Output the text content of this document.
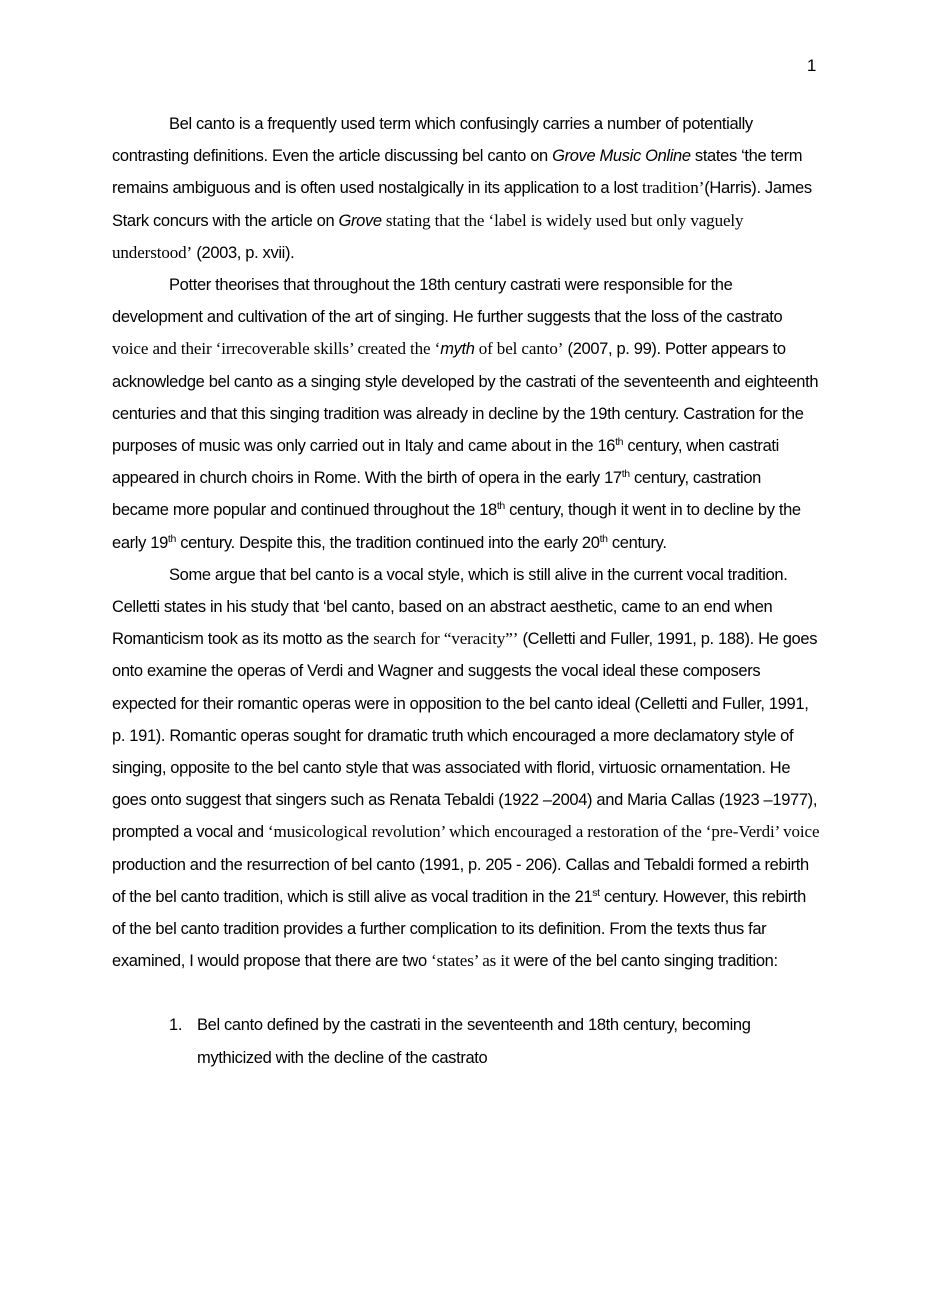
1

Bel canto is a frequently used term which confusingly carries a number of potentially contrasting definitions. Even the article discussing bel canto on Grove Music Online states ‘the term remains ambiguous and is often used nostalgically in its application to a lost tradition’(Harris). James Stark concurs with the article on Grove stating that the ‘label is widely used but only vaguely understood’ (2003, p. xvii).

Potter theorises that throughout the 18th century castrati were responsible for the development and cultivation of the art of singing. He further suggests that the loss of the castrato voice and their ‘irrecoverable skills’ created the ‘myth of bel canto’ (2007, p. 99). Potter appears to acknowledge bel canto as a singing style developed by the castrati of the seventeenth and eighteenth centuries and that this singing tradition was already in decline by the 19th century. Castration for the purposes of music was only carried out in Italy and came about in the 16th century, when castrati appeared in church choirs in Rome. With the birth of opera in the early 17th century, castration became more popular and continued throughout the 18th century, though it went in to decline by the early 19th century. Despite this, the tradition continued into the early 20th century.

Some argue that bel canto is a vocal style, which is still alive in the current vocal tradition. Celletti states in his study that ‘bel canto, based on an abstract aesthetic, came to an end when Romanticism took as its motto as the search for “veracity”’ (Celletti and Fuller, 1991, p. 188). He goes onto examine the operas of Verdi and Wagner and suggests the vocal ideal these composers expected for their romantic operas were in opposition to the bel canto ideal (Celletti and Fuller, 1991, p. 191). Romantic operas sought for dramatic truth which encouraged a more declamatory style of singing, opposite to the bel canto style that was associated with florid, virtuosic ornamentation. He goes onto suggest that singers such as Renata Tebaldi (1922 –2004) and Maria Callas (1923 –1977), prompted a vocal and ‘musicological revolution’ which encouraged a restoration of the ‘pre-Verdi’ voice production and the resurrection of bel canto (1991, p. 205 - 206). Callas and Tebaldi formed a rebirth of the bel canto tradition, which is still alive as vocal tradition in the 21st century. However, this rebirth of the bel canto tradition provides a further complication to its definition. From the texts thus far examined, I would propose that there are two ‘states’ as it were of the bel canto singing tradition:

1. Bel canto defined by the castrati in the seventeenth and 18th century, becoming mythicized with the decline of the castrato
